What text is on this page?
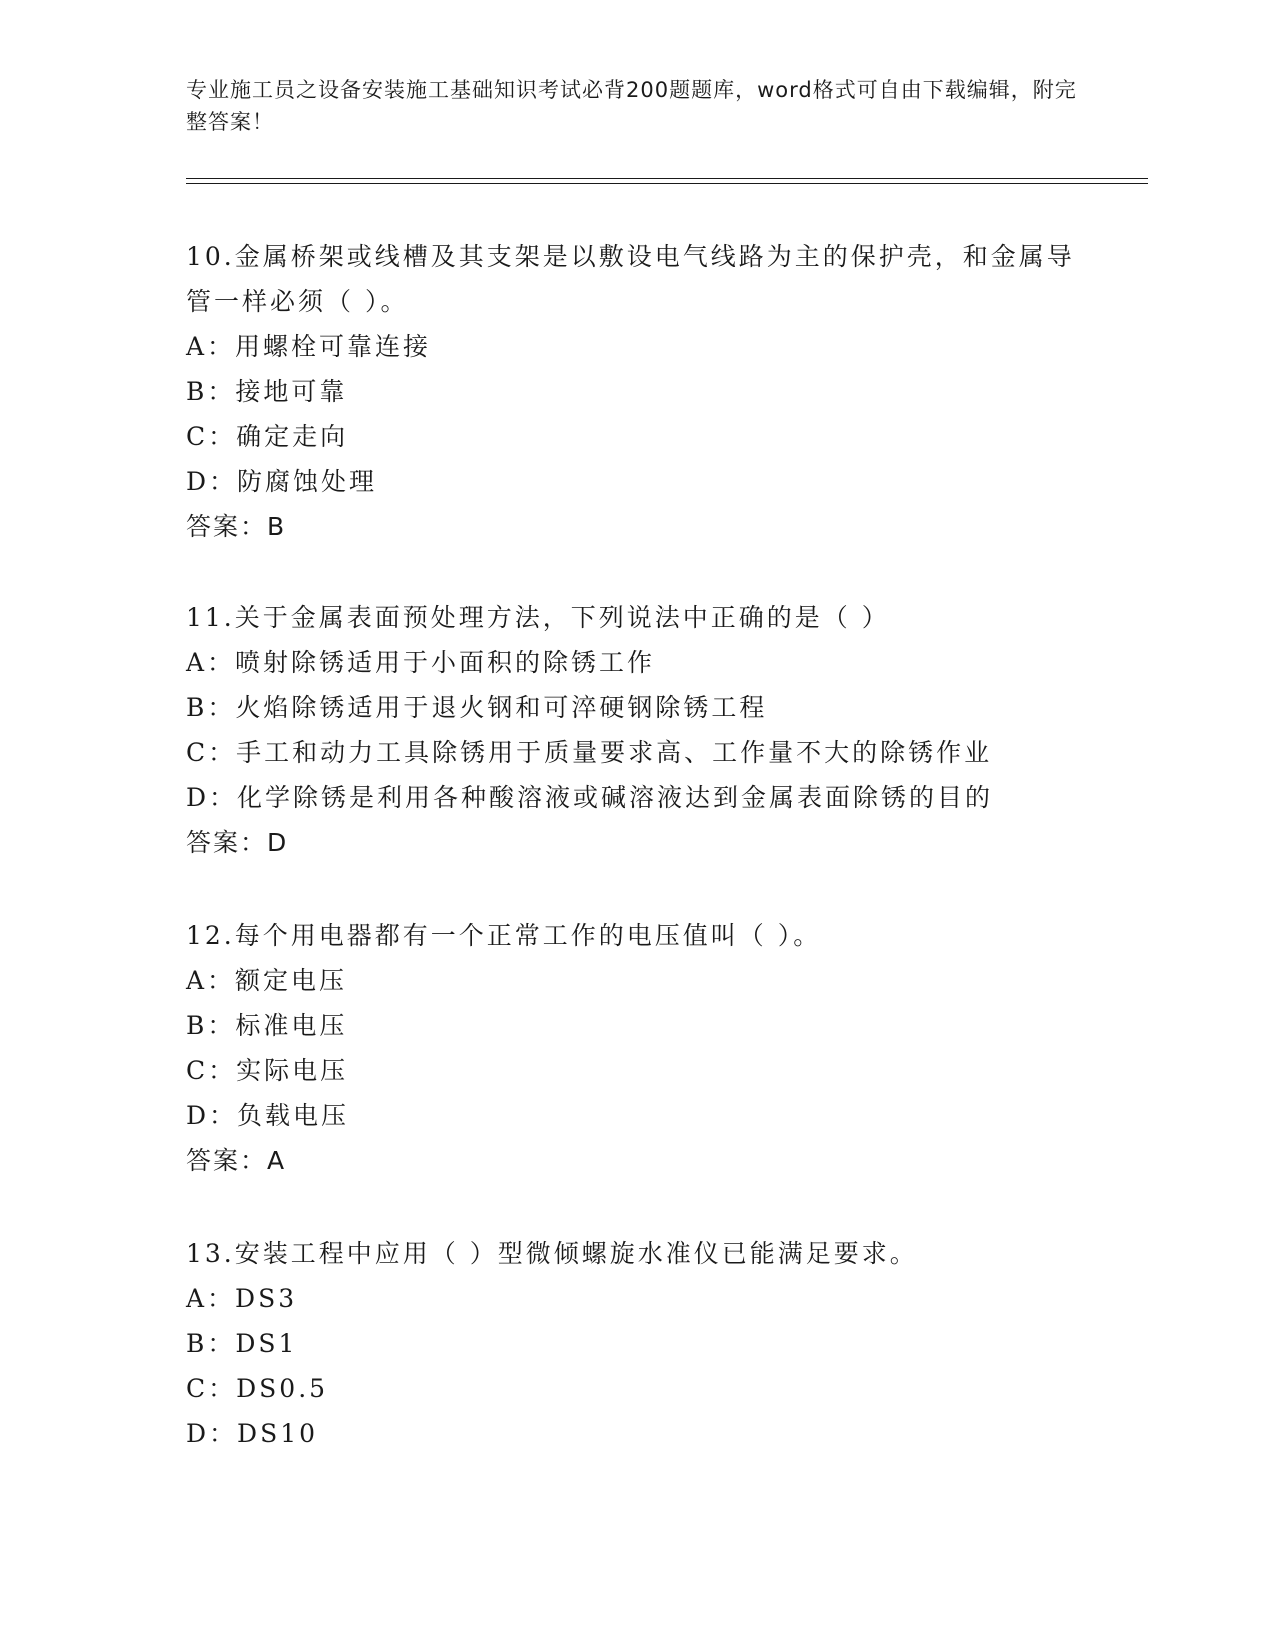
专业施工员之设备安装施工基础知识考试必背200题题库，word格式可自由下载编辑，附完整答案！

10.金属桥架或线槽及其支架是以敷设电气线路为主的保护壳，和金属导管一样必须（ ）。

A：用螺栓可靠连接

B：接地可靠

C：确定走向

D：防腐蚀处理

答案：B

11.关于金属表面预处理方法，下列说法中正确的是（ ）

A：喷射除锈适用于小面积的除锈工作

B：火焰除锈适用于退火钢和可淬硬钢除锈工程

C：手工和动力工具除锈用于质量要求高、工作量不大的除锈作业

D：化学除锈是利用各种酸溶液或碱溶液达到金属表面除锈的目的

答案：D

12.每个用电器都有一个正常工作的电压值叫（ ）。

A：额定电压

B：标准电压

C：实际电压

D：负载电压

答案：A

13.安装工程中应用（ ）型微倾螺旋水准仪已能满足要求。

A：DS3

B：DS1

C：DS0.5

D：DS10
